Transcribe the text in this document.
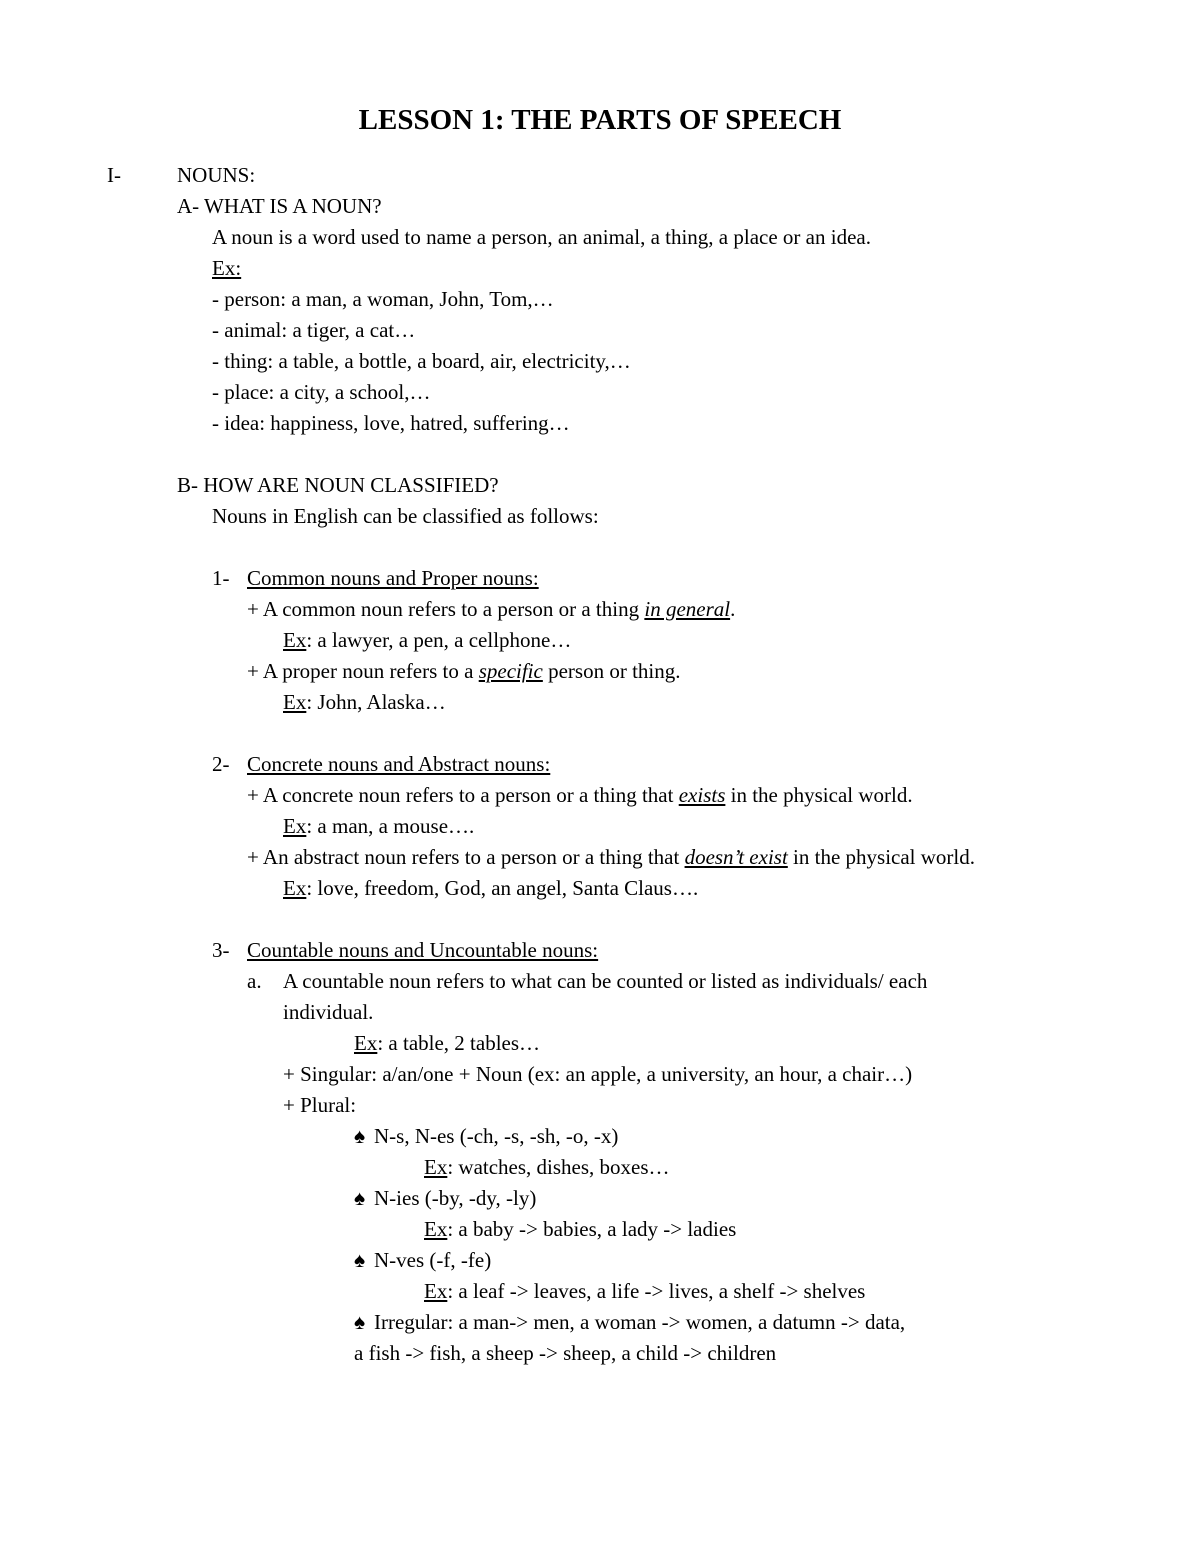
LESSON 1: THE PARTS OF SPEECH
I-	NOUNS:
A- WHAT IS A NOUN?
A noun is a word used to name a person, an animal, a thing, a place or an idea.
Ex:
- person: a man, a woman, John, Tom,…
- animal: a tiger, a cat…
- thing: a table, a bottle, a board, air, electricity,…
- place: a city, a school,…
- idea: happiness, love, hatred, suffering…
B- HOW ARE NOUN CLASSIFIED?
Nouns in English can be classified as follows:
1- Common nouns and Proper nouns:
+ A common noun refers to a person or a thing in general.
Ex: a lawyer, a pen, a cellphone…
+ A proper noun refers to a specific person or thing.
Ex: John, Alaska…
2- Concrete nouns and Abstract nouns:
+ A concrete noun refers to a person or a thing that exists in the physical world.
Ex: a man, a mouse….
+ An abstract noun refers to a person or a thing that doesn’t exist in the physical world.
Ex: love, freedom, God, an angel, Santa Claus….
3- Countable nouns and Uncountable nouns:
a. A countable noun refers to what can be counted or listed as individuals/ each
individual.
Ex: a table, 2 tables…
+ Singular: a/an/one + Noun (ex: an apple, a university, an hour, a chair…)
+ Plural:
♠ N-s, N-es (-ch, -s, -sh, -o, -x)
Ex: watches, dishes, boxes…
♠ N-ies (-by, -dy, -ly)
Ex: a baby -> babies, a lady -> ladies
♠ N-ves (-f, -fe)
Ex: a leaf -> leaves, a life -> lives, a shelf -> shelves
♠ Irregular: a man-> men, a woman -> women, a datumn -> data,
a fish -> fish, a sheep -> sheep, a child -> children
